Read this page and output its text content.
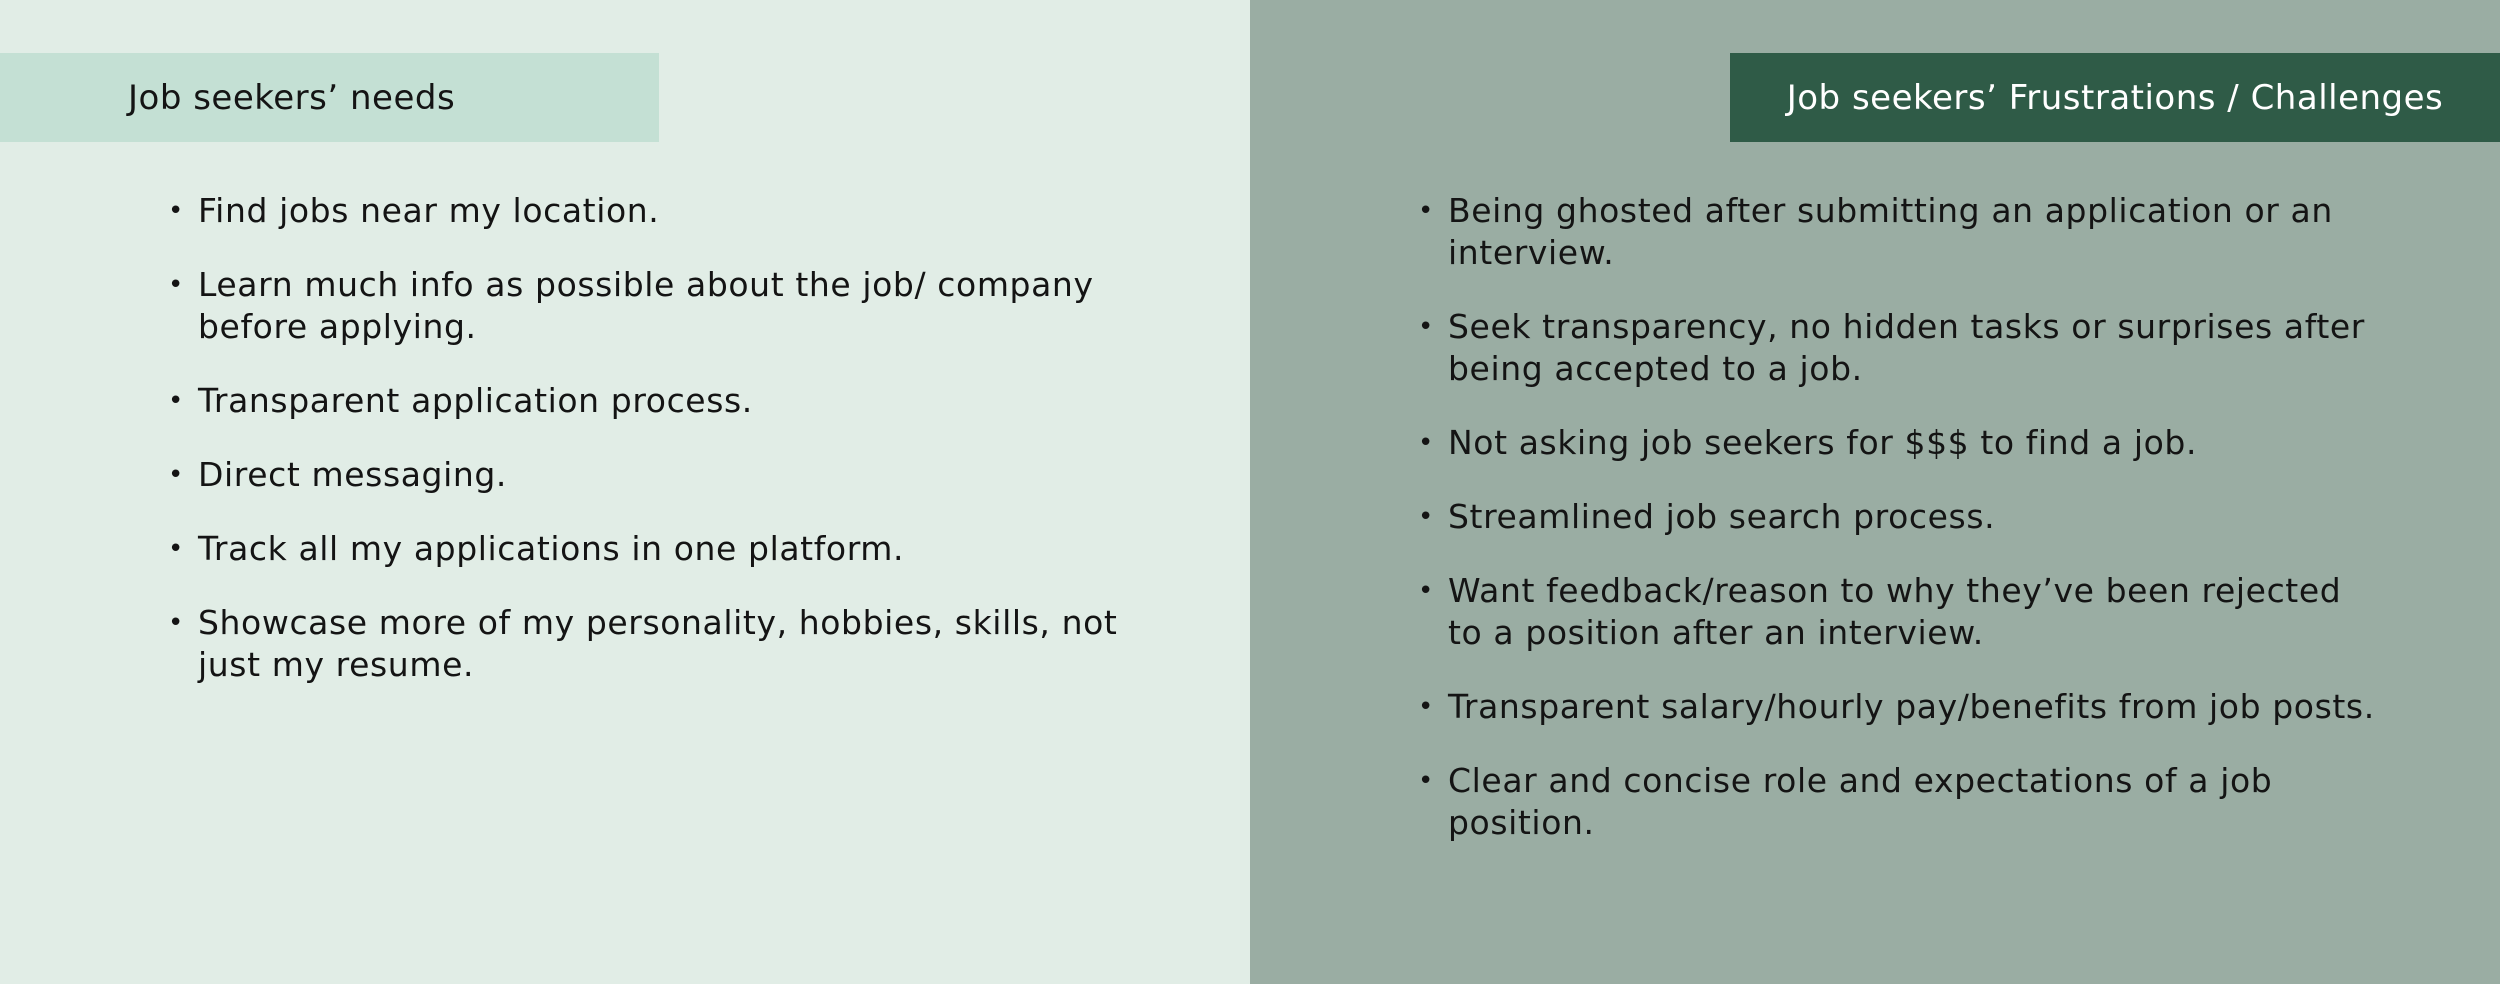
Job seekers’ needs
• Find jobs near my location.
• Learn much info as possible about the job/ company before applying.
• Transparent application process.
• Direct messaging.
• Track all my applications in one platform.
• Showcase more of my personality, hobbies, skills, not just my resume.
Job seekers’ Frustrations / Challenges
• Being ghosted after submitting an application or an interview.
• Seek transparency, no hidden tasks or surprises after being accepted to a job.
• Not asking job seekers for $$$ to find a job.
• Streamlined job search process.
• Want feedback/reason to why they’ve been rejected to a position after an interview.
• Transparent salary/hourly pay/benefits from job posts.
• Clear and concise role and expectations of a job position.
